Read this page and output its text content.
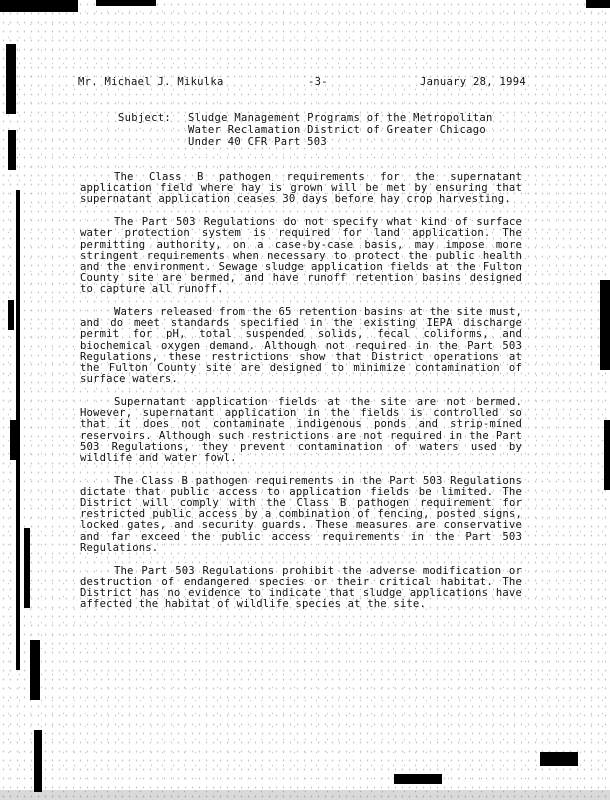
Mr. Michael J. Mikulka	-3-	January 28, 1994
Subject: Sludge Management Programs of the Metropolitan Water Reclamation District of Greater Chicago Under 40 CFR Part 503

The Class B pathogen requirements for the supernatant application field where hay is grown will be met by ensuring that supernatant application ceases 30 days before hay crop harvesting.

The Part 503 Regulations do not specify what kind of surface water protection system is required for land application. The permitting authority, on a case-by-case basis, may impose more stringent requirements when necessary to protect the public health and the environment. Sewage sludge application fields at the Fulton County site are bermed, and have runoff retention basins designed to capture all runoff.

Waters released from the 65 retention basins at the site must, and do meet standards specified in the existing IEPA discharge permit for pH, total suspended solids, fecal coliforms, and biochemical oxygen demand. Although not required in the Part 503 Regulations, these restrictions show that District operations at the Fulton County site are designed to minimize contamination of surface waters.

Supernatant application fields at the site are not bermed. However, supernatant application in the fields is controlled so that it does not contaminate indigenous ponds and strip-mined reservoirs. Although such restrictions are not required in the Part 503 Regulations, they prevent contamination of waters used by wildlife and water fowl.

The Class B pathogen requirements in the Part 503 Regulations dictate that public access to application fields be limited. The District will comply with the Class B pathogen requirement for restricted public access by a combination of fencing, posted signs, locked gates, and security guards. These measures are conservative and far exceed the public access requirements in the Part 503 Regulations.

The Part 503 Regulations prohibit the adverse modification or destruction of endangered species or their critical habitat. The District has no evidence to indicate that sludge applications have affected the habitat of wildlife species at the site.
